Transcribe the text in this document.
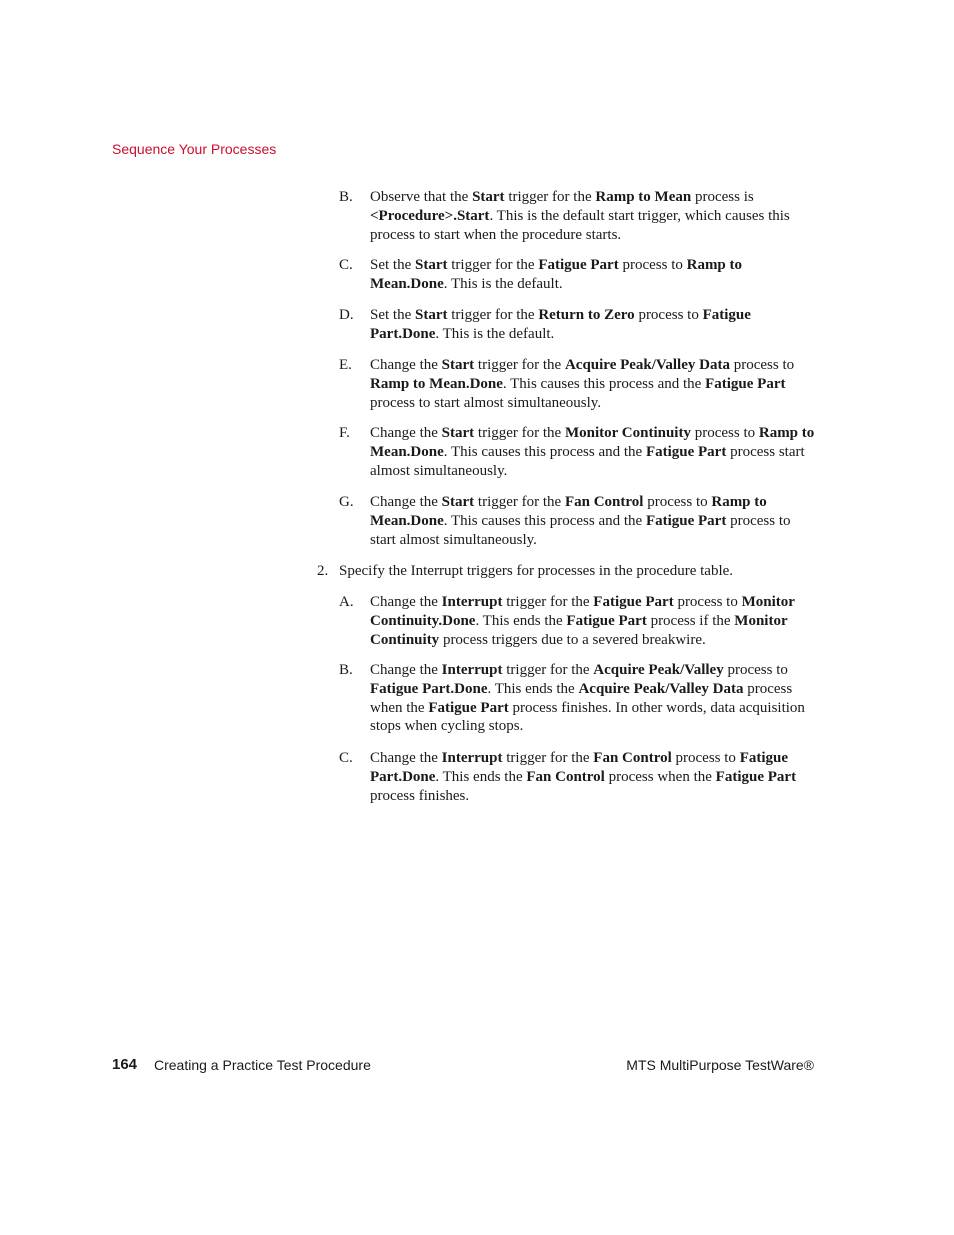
Sequence Your Processes
B. Observe that the Start trigger for the Ramp to Mean process is <Procedure>.Start. This is the default start trigger, which causes this process to start when the procedure starts.
C. Set the Start trigger for the Fatigue Part process to Ramp to Mean.Done. This is the default.
D. Set the Start trigger for the Return to Zero process to Fatigue Part.Done. This is the default.
E. Change the Start trigger for the Acquire Peak/Valley Data process to Ramp to Mean.Done. This causes this process and the Fatigue Part process to start almost simultaneously.
F. Change the Start trigger for the Monitor Continuity process to Ramp to Mean.Done. This causes this process and the Fatigue Part process start almost simultaneously.
G. Change the Start trigger for the Fan Control process to Ramp to Mean.Done. This causes this process and the Fatigue Part process to start almost simultaneously.
2. Specify the Interrupt triggers for processes in the procedure table.
A. Change the Interrupt trigger for the Fatigue Part process to Monitor Continuity.Done. This ends the Fatigue Part process if the Monitor Continuity process triggers due to a severed breakwire.
B. Change the Interrupt trigger for the Acquire Peak/Valley process to Fatigue Part.Done. This ends the Acquire Peak/Valley Data process when the Fatigue Part process finishes. In other words, data acquisition stops when cycling stops.
C. Change the Interrupt trigger for the Fan Control process to Fatigue Part.Done. This ends the Fan Control process when the Fatigue Part process finishes.
164 Creating a Practice Test Procedure	MTS MultiPurpose TestWare®
